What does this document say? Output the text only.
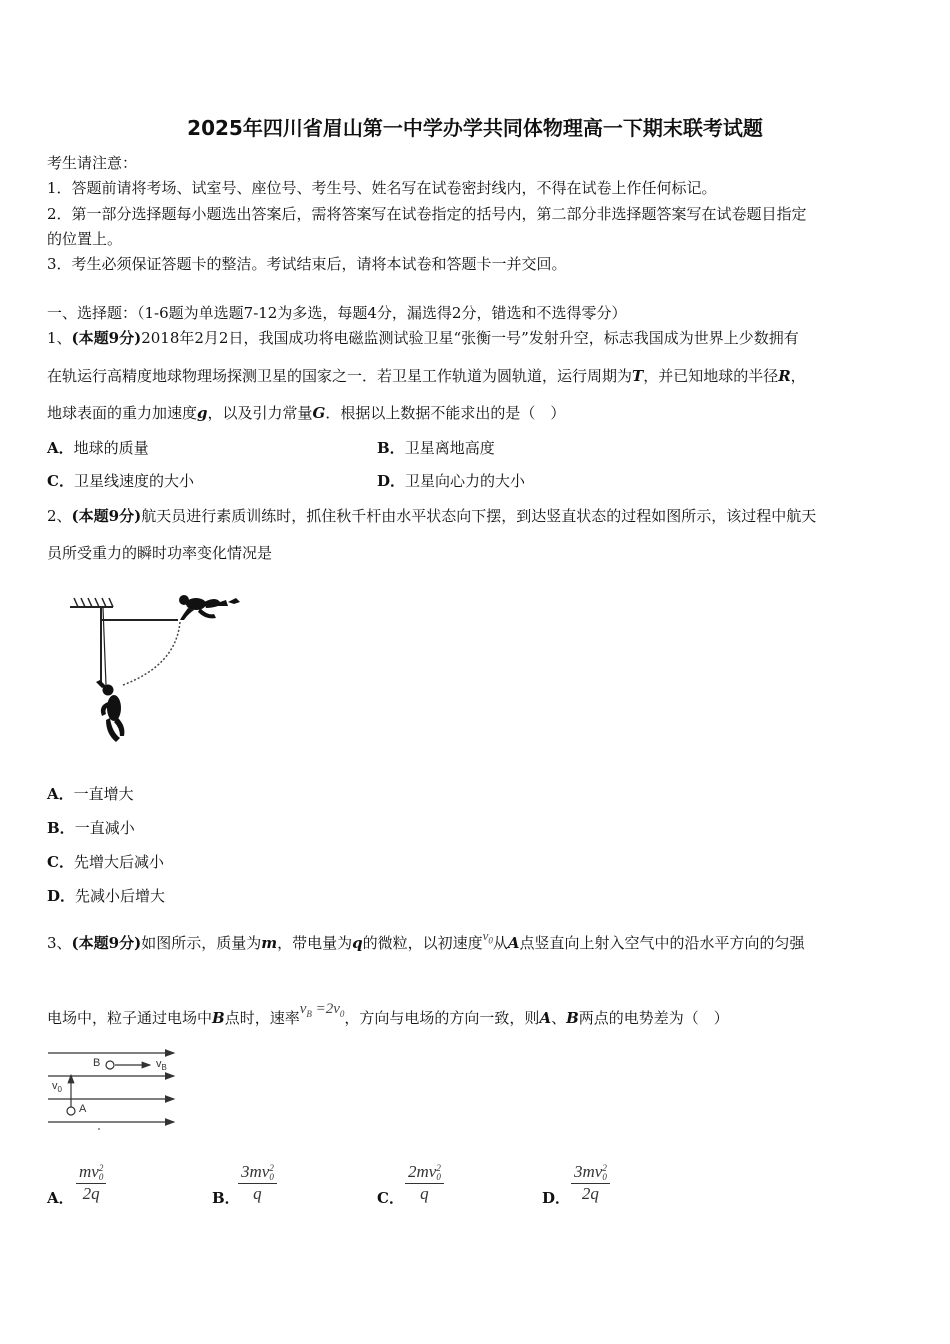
2025年四川省眉山第一中学办学共同体物理高一下期末联考试题
考生请注意：
1．答题前请将考场、试室号、座位号、考生号、姓名写在试卷密封线内，不得在试卷上作任何标记。
2．第一部分选择题每小题选出答案后，需将答案写在试卷指定的括号内，第二部分非选择题答案写在试卷题目指定
的位置上。
3．考生必须保证答题卡的整洁。考试结束后，请将本试卷和答题卡一并交回。
一、选择题：（1-6题为单选题7-12为多选，每题4分，漏选得2分，错选和不选得零分）
1、(本题9分)2018年2月2日，我国成功将电磁监测试验卫星“张衡一号”发射升空，标志我国成为世界上少数拥有
在轨运行高精度地球物理场探测卫星的国家之一．若卫星工作轨道为圆轨道，运行周期为T，并已知地球的半径R，
地球表面的重力加速度g，以及引力常量G．根据以上数据不能求出的是（　）
A．地球的质量	B．卫星离地高度
C．卫星线速度的大小	D．卫星向心力的大小
2、(本题9分)航天员进行素质训练时，抓住秋千杆由水平状态向下摆，到达竖直状态的过程如图所示，该过程中航天
员所受重力的瞬时功率变化情况是
A．一直增大
B．一直减小
C．先增大后减小
D．先减小后增大
3、(本题9分)如图所示，质量为m，带电量为q的微粒，以初速度$v_0$从A点竖直向上射入空气中的沿水平方向的匀强
电场中，粒子通过电场中B点时，速率$v_B =2v_0$，方向与电场的方向一致，则A、B两点的电势差为（　）
B	$v_B$
$v_0$
A
A．
mv 2
0
2q	B．
3mv 2
0
q	C．
2mv 2
0
q	D．
3mv 2
0
2q
